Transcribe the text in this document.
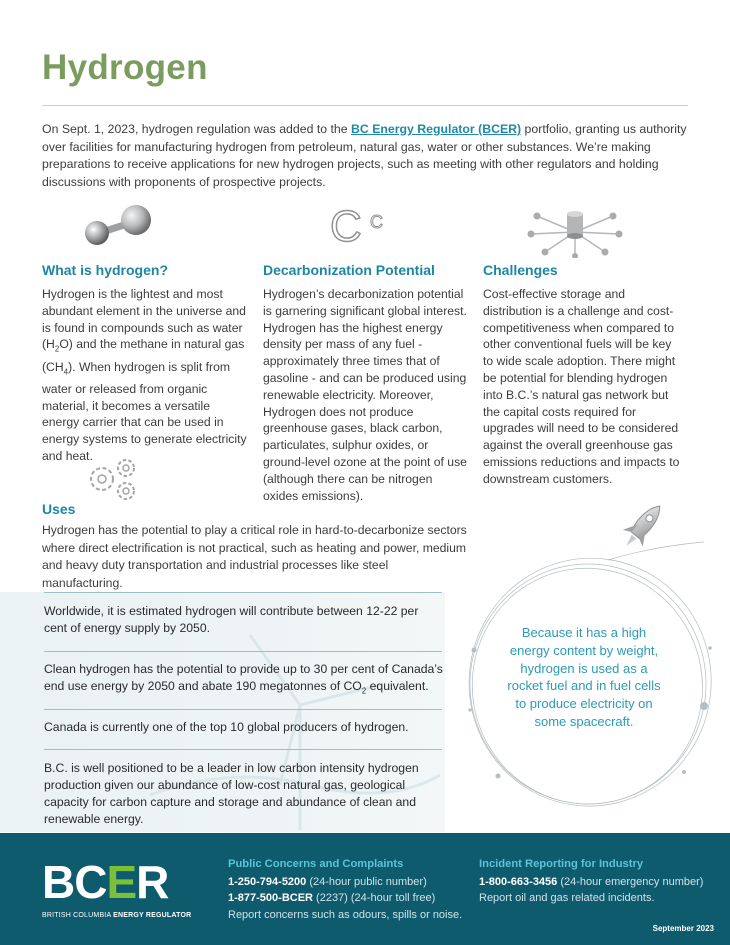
Hydrogen

On Sept. 1, 2023, hydrogen regulation was added to the BC Energy Regulator (BCER) portfolio, granting us authority over facilities for manufacturing hydrogen from petroleum, natural gas, water or other substances. We’re making preparations to receive applications for new hydrogen projects, such as meeting with other regulators and holding discussions with proponents of prospective projects.

C C
What is hydrogen?

Hydrogen is the lightest and most abundant element in the universe and is found in compounds such as water $(H_2O)$ and the methane in natural gas $(CH_4)$. When hydrogen is split from water or released from organic material, it becomes a versatile energy carrier that can be used in energy systems to generate electricity and heat.

Decarbonization Potential

Hydrogen’s decarbonization potential is garnering significant global interest. Hydrogen has the highest energy density per mass of any fuel - approximately three times that of gasoline - and can be produced using renewable electricity. Moreover, Hydrogen does not produce greenhouse gases, black carbon, particulates, sulphur oxides, or ground-level ozone at the point of use (although there can be nitrogen oxides emissions).

Challenges

Cost-effective storage and distribution is a challenge and cost-competitiveness when compared to other conventional fuels will be key to wide scale adoption. There might be potential for blending hydrogen into B.C.’s natural gas network but the capital costs required for upgrades will need to be considered against the overall greenhouse gas emissions reductions and impacts to downstream customers.

Uses

Hydrogen has the potential to play a critical role in hard-to-decarbonize sectors where direct electrification is not practical, such as heating and power, medium and heavy duty transportation and industrial processes like steel manufacturing.

Worldwide, it is estimated hydrogen will contribute between 12-22 per cent of energy supply by 2050.

Clean hydrogen has the potential to provide up to 30 per cent of Canada’s end use energy by 2050 and abate 190 megatonnes of $CO_2$ equivalent.

Canada is currently one of the top 10 global producers of hydrogen.

B.C. is well positioned to be a leader in low carbon intensity hydrogen production given our abundance of low-cost natural gas, geological capacity for carbon capture and storage and abundance of clean and renewable energy.

Because it has a high energy content by weight, hydrogen is used as a rocket fuel and in fuel cells to produce electricity on some spacecraft.

BCER
BRITISH COLUMBIA ENERGY REGULATOR
Public Concerns and Complaints
1-250-794-5200 (24-hour public number)
1-877-500-BCER (2237) (24-hour toll free)
Report concerns such as odours, spills or noise.
Incident Reporting for Industry
1-800-663-3456 (24-hour emergency number)
Report oil and gas related incidents.
September 2023
